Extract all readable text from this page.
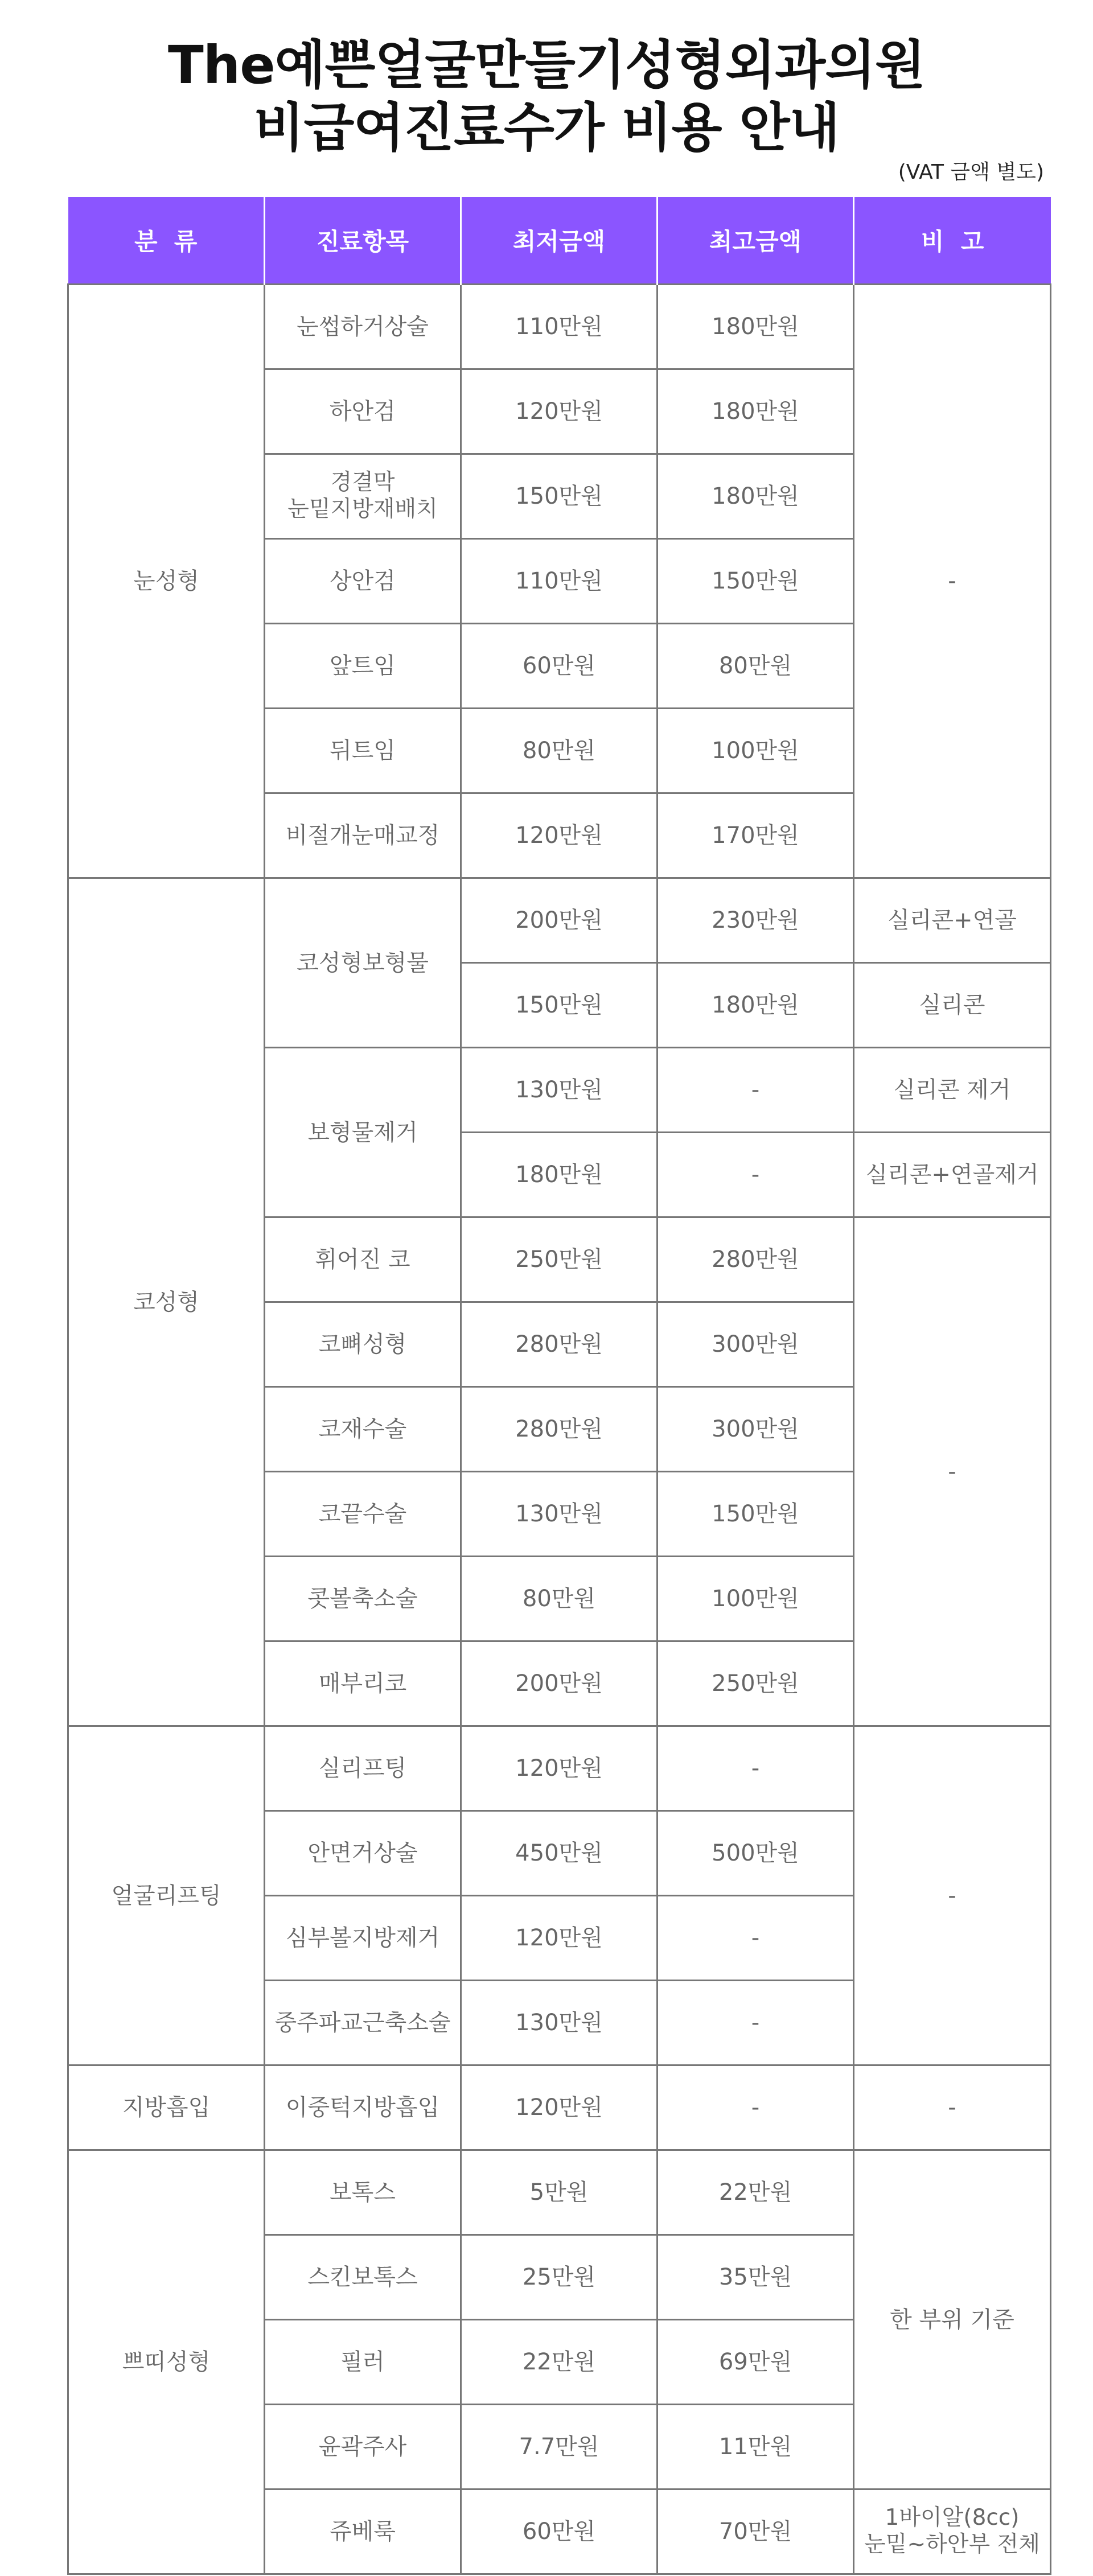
The예쁜얼굴만들기성형외과의원
비급여진료수가 비용 안내
(VAT 금액 별도)
분  류	진료항목	최저금액	최고금액	비  고
눈성형	눈썹하거상술	110만원	180만원	-
	하안검	120만원	180만원	

	경결막
눈밑지방재배치	150만원	180만원	
	상안검	110만원	150만원	
	앞트임	60만원	80만원	
	뒤트임	80만원	100만원	
	비절개눈매교정	120만원	170만원	
코성형	코성형보형물	200만원	230만원	실리콘+연골
		150만원	180만원	실리콘
	보형물제거	130만원	-	실리콘 제거
		180만원	-	실리콘+연골제거
	휘어진 코	250만원	280만원	-
	코뼈성형	280만원	300만원	
	코재수술	280만원	300만원	
	코끝수술	130만원	150만원	
	콧볼축소술	80만원	100만원	
	매부리코	200만원	250만원	
얼굴리프팅	실리프팅	120만원	-	-
	안면거상술	450만원	500만원	
	심부볼지방제거	120만원	-	
	중주파교근축소술	130만원	-	
지방흡입	이중턱지방흡입	120만원	-	-
쁘띠성형	보톡스	5만원	22만원	한 부위 기준
	스킨보톡스	25만원	35만원	
	필러	22만원	69만원	
	윤곽주사	7.7만원	11만원	
	쥬베룩	60만원	70만원	1바이알(8cc)
눈밑~하안부 전체
